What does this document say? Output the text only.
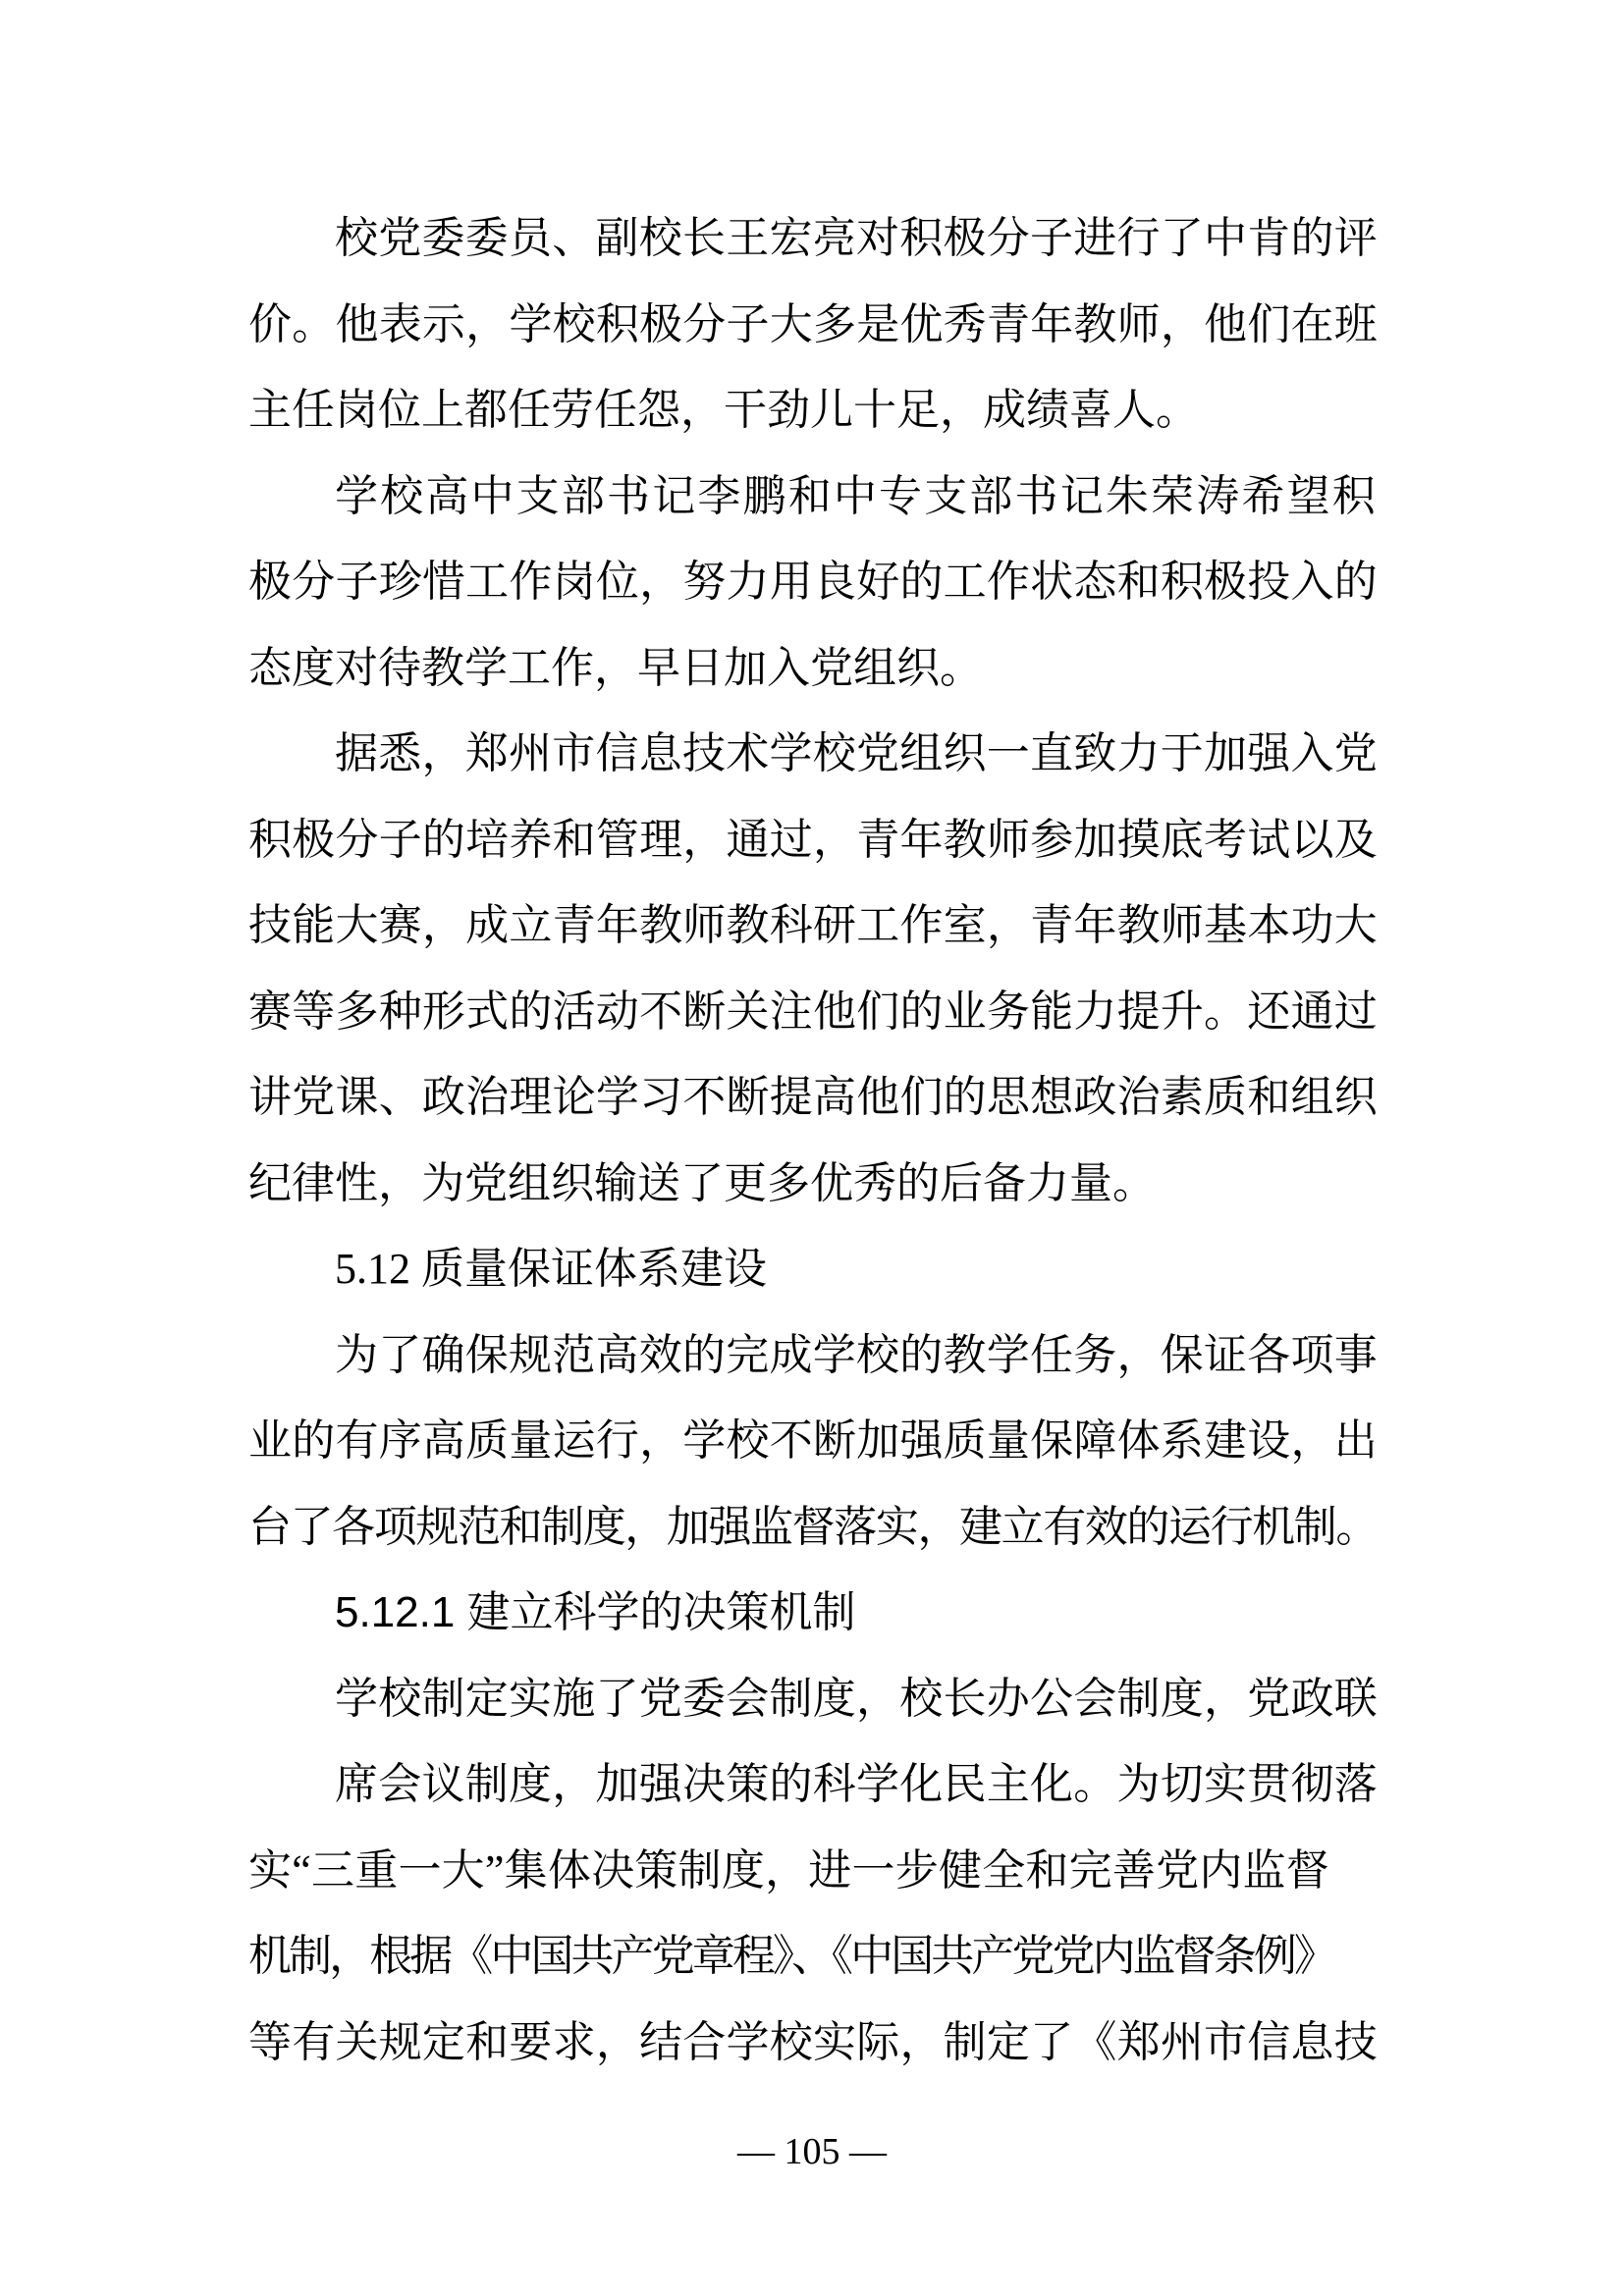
校党委委员、副校长王宏亮对积极分子进行了中肯的评
价。他表示，学校积极分子大多是优秀青年教师，他们在班
主任岗位上都任劳任怨，干劲儿十足，成绩喜人。
学校高中支部书记李鹏和中专支部书记朱荣涛希望积
极分子珍惜工作岗位，努力用良好的工作状态和积极投入的
态度对待教学工作，早日加入党组织。
据悉，郑州市信息技术学校党组织一直致力于加强入党
积极分子的培养和管理，通过，青年教师参加摸底考试以及
技能大赛，成立青年教师教科研工作室，青年教师基本功大
赛等多种形式的活动不断关注他们的业务能力提升。还通过
讲党课、政治理论学习不断提高他们的思想政治素质和组织
纪律性，为党组织输送了更多优秀的后备力量。
5.12 质量保证体系建设
为了确保规范高效的完成学校的教学任务，保证各项事
业的有序高质量运行，学校不断加强质量保障体系建设，出
台了各项规范和制度，加强监督落实，建立有效的运行机制。
5.12.1 建立科学的决策机制
学校制定实施了党委会制度，校长办公会制度，党政联
席会议制度，加强决策的科学化民主化。为切实贯彻落
实“三重一大”集体决策制度，进一步健全和完善党内监督
机制，根据《中国共产党章程》、《中国共产党党内监督条例》
等有关规定和要求，结合学校实际，制定了《郑州市信息技
— 105 —
